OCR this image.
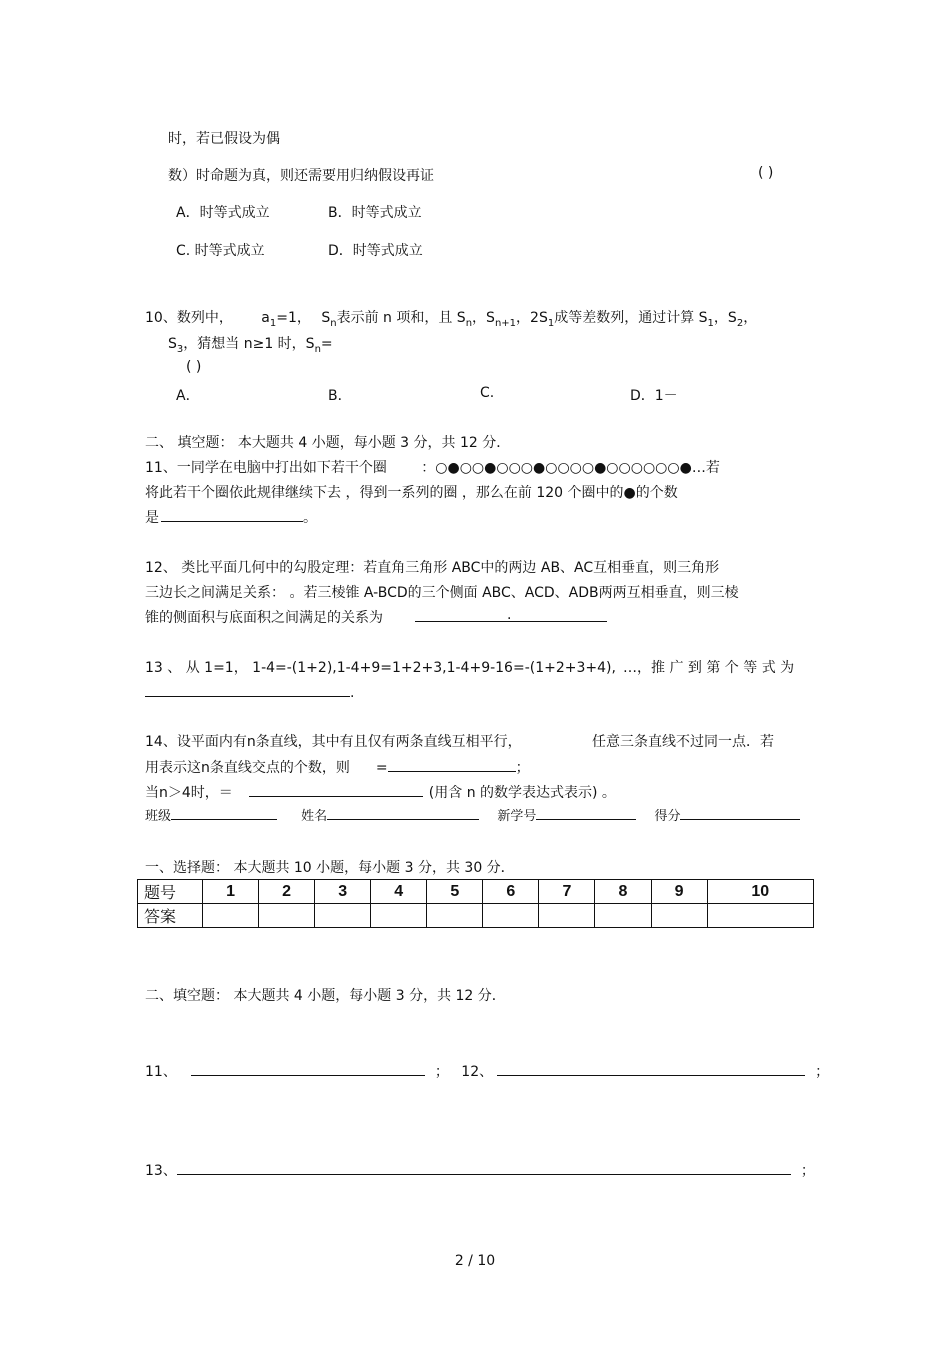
时，若已假设为偶
数）时命题为真，则还需要用归纳假设再证	( )
A．时等式成立	B．时等式成立
C. 时等式成立	D．时等式成立
10、数列中， $a_1=1$， $S_n$表示前 n 项和，且 $S_n$，$S_{n+1}$，$2S_1$成等差数列，通过计算 $S_1$，$S_2$，
$S_3$，猜想当 n≥1 时，$S_n=$
( )
A．	B．	C.	D．1－
二、 填空题： 本大题共 4 小题，每小题 3 分，共 12 分．
11、一同学在电脑中打出如下若干个圈 ：○●○○●○○○●○○○○●○○○○○○●…若
将此若干个圈依此规律继续下去 ，得到一系列的圈 ，那么在前 120 个圈中的●的个数
是	。
12、 类比平面几何中的勾股定理：若直角三角形 ABC中的两边 AB、AC互相垂直，则三角形
三边长之间满足关系： 。若三棱锥 A-BCD的三个侧面 ABC、ACD、ADB两两互相垂直，则三棱
锥的侧面积与底面积之间满足的关系为	.
13 、 从 1=1， 1-4=-(1+2),1-4+9=1+2+3,1-4+9-16=-(1+2+3+4), …，推 广 到 第 个 等 式 为
.
14、设平面内有n条直线，其中有且仅有两条直线互相平行，	任意三条直线不过同一点．若
用表示这n条直线交点的个数，则 =	；
当n＞4时，＝	(用含 n 的数学表达式表示) 。
班级	姓名	新学号	得分
一、选择题： 本大题共 10 小题，每小题 3 分，共 30 分．
题号	1	2	3	4	5	6	7	8	9	10
答案										
二、填空题： 本大题共 4 小题，每小题 3 分，共 12 分．
11、	； 12、	；
13、	；
2 / 10
